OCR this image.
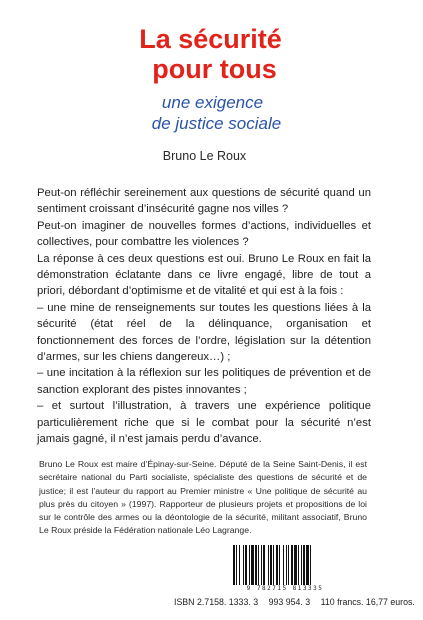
La sécurité
pour tous
une exigence
de justice sociale
Bruno Le Roux

Peut-on réfléchir sereinement aux questions de sécurité quand un sentiment croissant d’insécurité gagne nos villes ?

Peut-on imaginer de nouvelles formes d’actions, individuelles et collectives, pour combattre les violences ?

La réponse à ces deux questions est oui. Bruno Le Roux en fait la démonstration éclatante dans ce livre engagé, libre de tout a priori, débordant d’optimisme et de vitalité et qui est à la fois :

– une mine de renseignements sur toutes les questions liées à la sécurité (état réel de la délinquance, organisation et fonctionnement des forces de l’ordre, législation sur la détention d’armes, sur les chiens dangereux…) ;

– une incitation à la réflexion sur les politiques de prévention et de sanction explorant des pistes innovantes ;

– et surtout l’illustration, à travers une expérience politique particulièrement riche que si le combat pour la sécurité n’est jamais gagné, il n’est jamais perdu d’avance.

Bruno Le Roux est maire d’Épinay-sur-Seine. Député de la Seine Saint-Denis, il est secrétaire national du Parti socialiste, spécialiste des questions de sécurité et de justice; il est l’auteur du rapport au Premier ministre « Une politique de sécurité au plus près du citoyen » (1997). Rapporteur de plusieurs projets et propositions de loi sur le contrôle des armes ou la déontologie de la sécurité, militant associatif, Bruno Le Roux préside la Fédération nationale Léo Lagrange.
9 782715 813335
ISBN 2.7158. 1333. 3 993 954. 3 110 francs. 16,77 euros.
